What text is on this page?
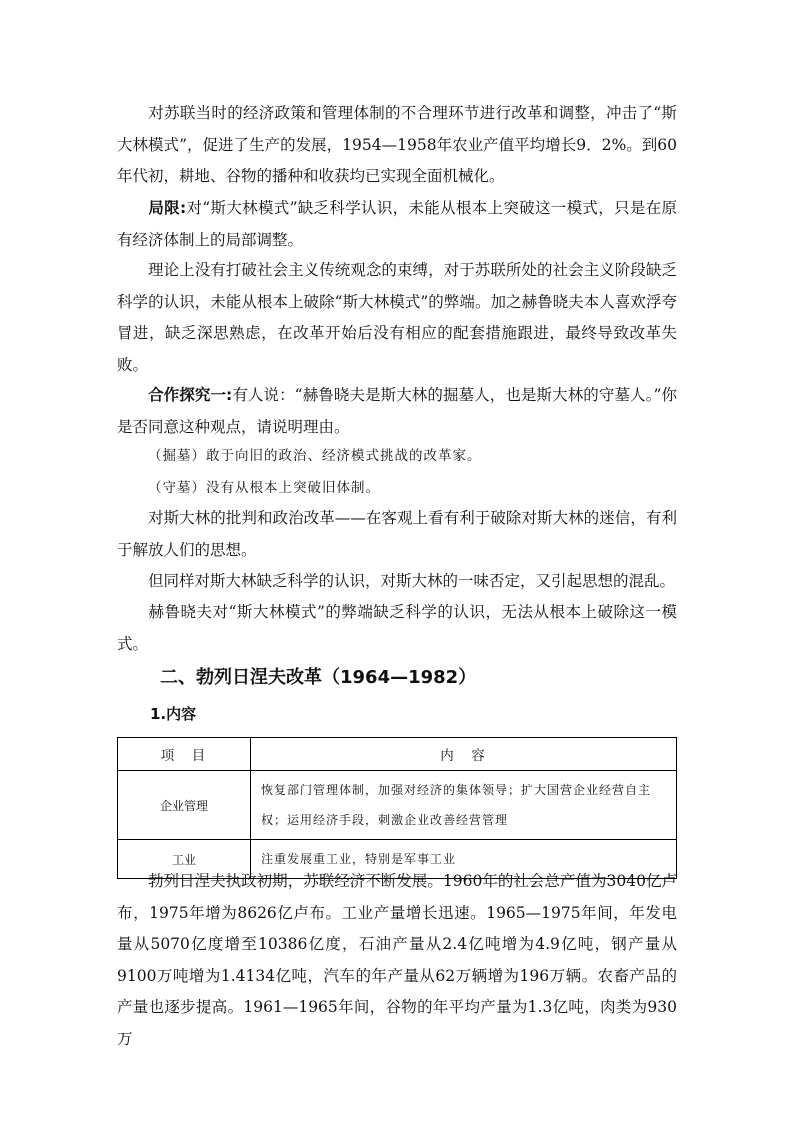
对苏联当时的经济政策和管理体制的不合理环节进行改革和调整，冲击了“斯大林模式”，促进了生产的发展，1954—1958年农业产值平均增长9．2%。到60年代初，耕地、谷物的播种和收获均已实现全面机械化。

局限:对“斯大林模式”缺乏科学认识，未能从根本上突破这一模式，只是在原有经济体制上的局部调整。

理论上没有打破社会主义传统观念的束缚，对于苏联所处的社会主义阶段缺乏科学的认识，未能从根本上破除“斯大林模式”的弊端。加之赫鲁晓夫本人喜欢浮夸冒进，缺乏深思熟虑，在改革开始后没有相应的配套措施跟进，最终导致改革失败。

合作探究一:有人说：“赫鲁晓夫是斯大林的掘墓人，也是斯大林的守墓人。”你是否同意这种观点，请说明理由。

（掘墓）敢于向旧的政治、经济模式挑战的改革家。

（守墓）没有从根本上突破旧体制。

对斯大林的批判和政治改革——在客观上看有利于破除对斯大林的迷信，有利于解放人们的思想。

但同样对斯大林缺乏科学的认识，对斯大林的一味否定，又引起思想的混乱。

赫鲁晓夫对“斯大林模式”的弊端缺乏科学的认识，无法从根本上破除这一模式。

二、勃列日涅夫改革（1964—1982）
1.内容
项　目	内　容
企业管理	恢复部门管理体制，加强对经济的集体领导；扩大国营企业经营自主权；运用经济手段，刺激企业改善经营管理
工业	注重发展重工业，特别是军事工业

勃列日涅夫执政初期，苏联经济不断发展。1960年的社会总产值为3040亿卢布，1975年增为8626亿卢布。工业产量增长迅速。1965—1975年间，年发电量从5070亿度增至10386亿度，石油产量从2.4亿吨增为4.9亿吨，钢产量从9100万吨增为1.4134亿吨，汽车的年产量从62万辆增为196万辆。农畜产品的产量也逐步提高。1961—1965年间，谷物的年平均产量为1.3亿吨，肉类为930万
